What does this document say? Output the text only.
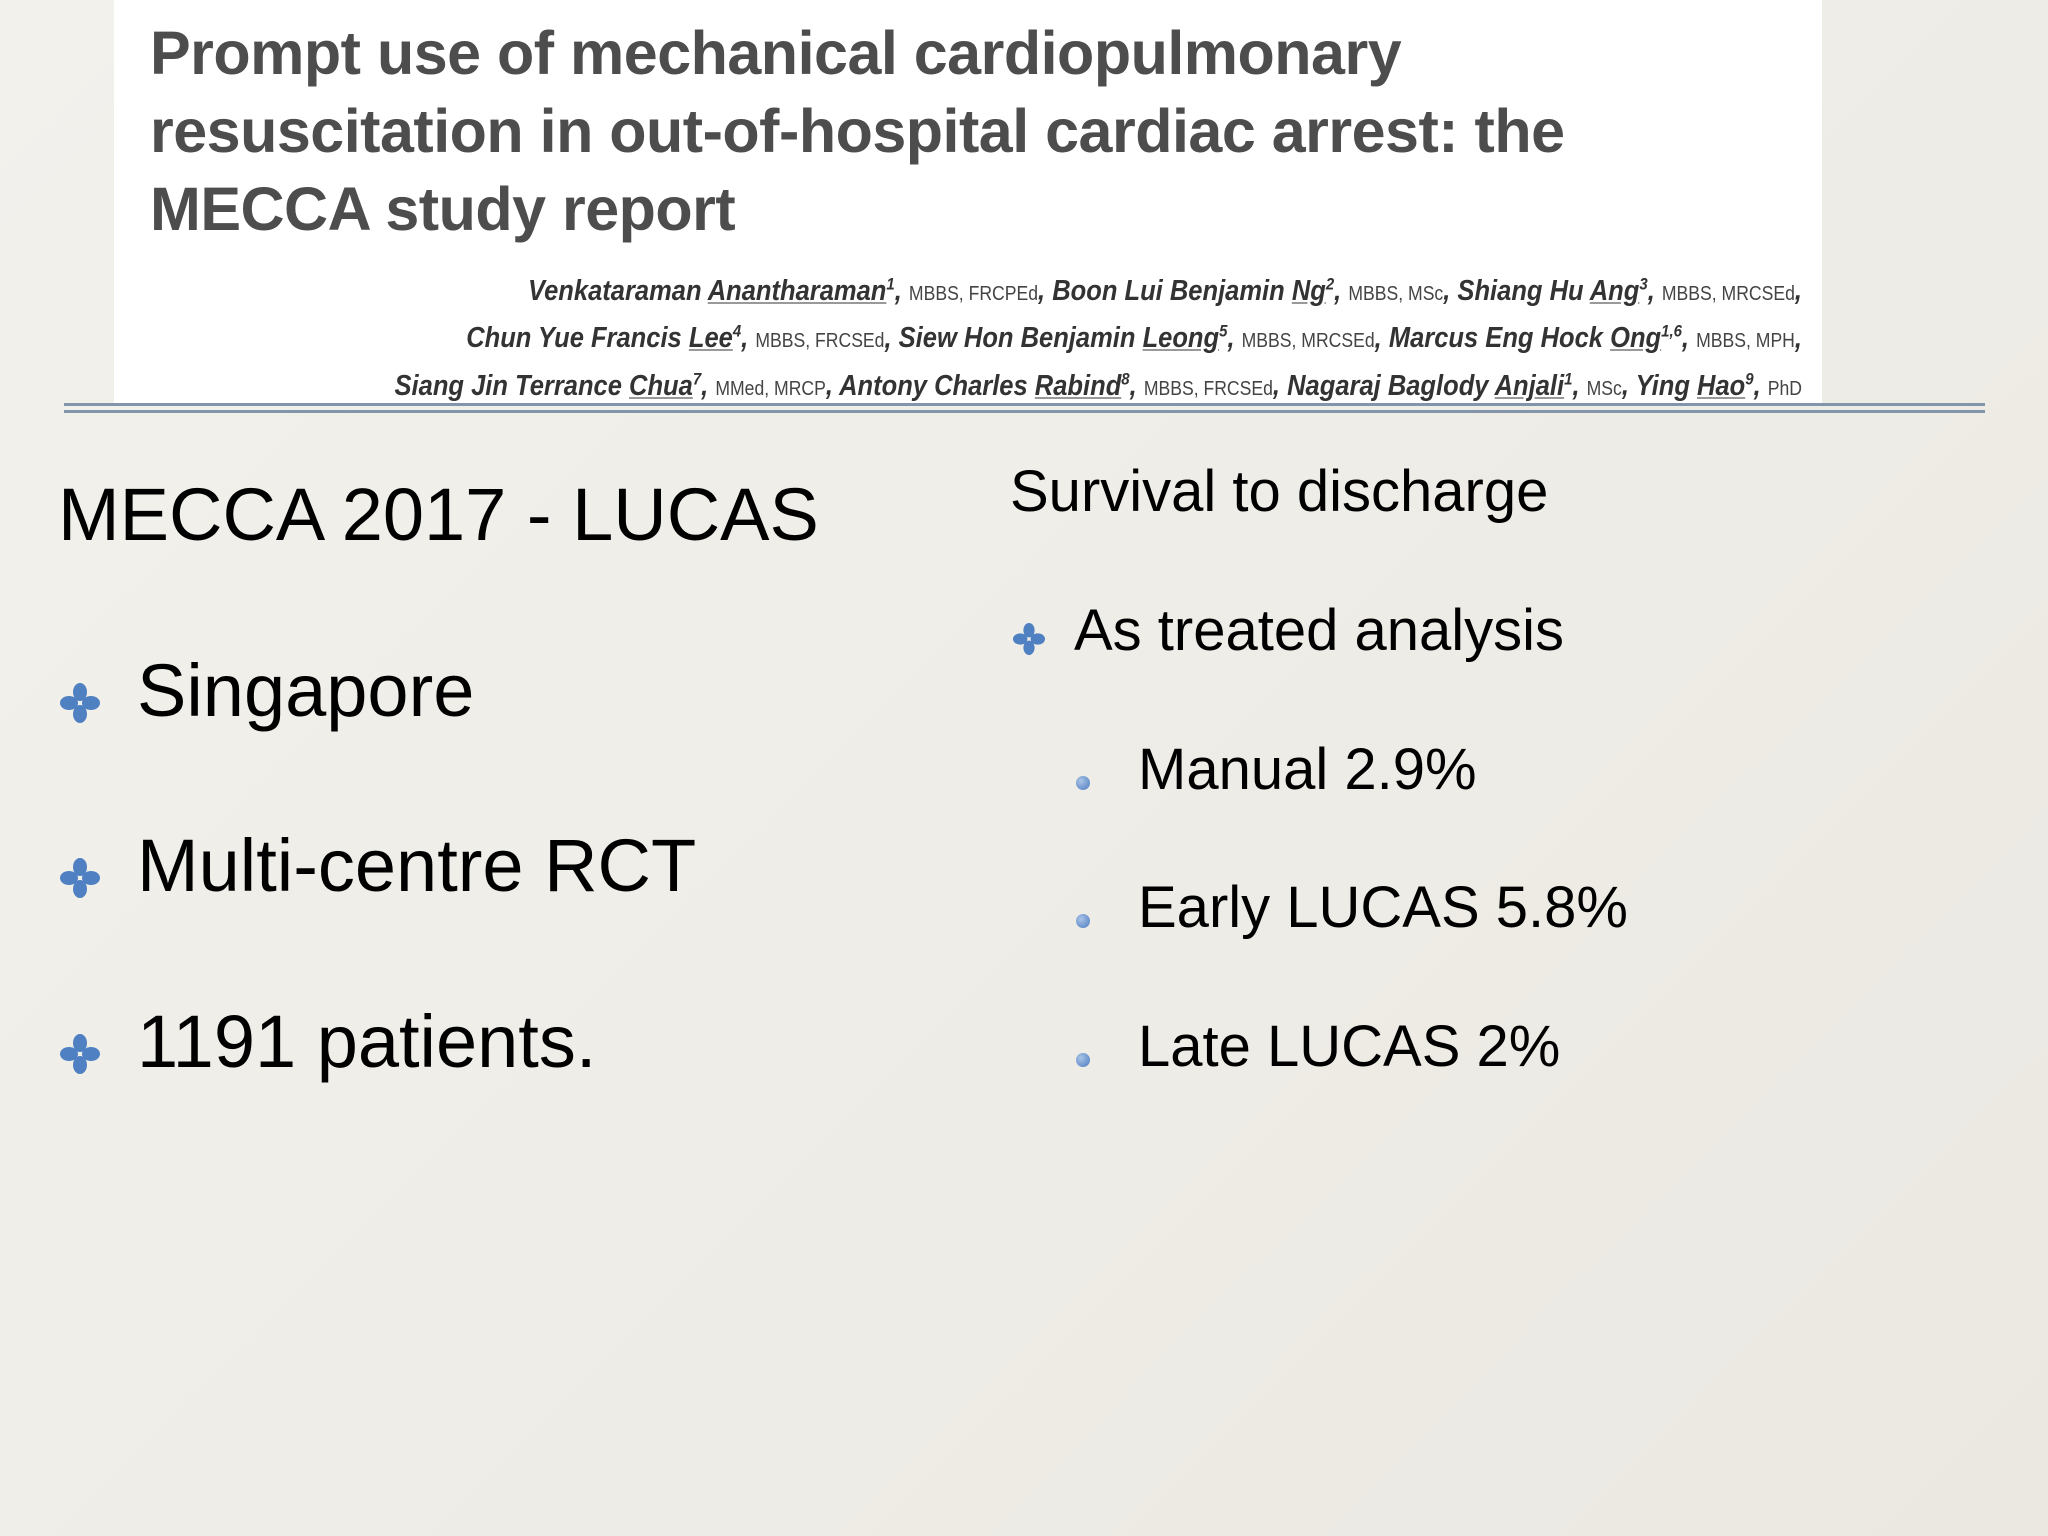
Prompt use of mechanical cardiopulmonary
resuscitation in out-of-hospital cardiac arrest: the
MECCA study report
Venkataraman Anantharaman$^1$, MBBS, FRCPEd, Boon Lui Benjamin Ng$^2$, MBBS, MSc, Shiang Hu Ang$^3$, MBBS, MRCSEd,
Chun Yue Francis Lee$^4$, MBBS, FRCSEd, Siew Hon Benjamin Leong$^5$, MBBS, MRCSEd, Marcus Eng Hock Ong$^{1,6}$, MBBS, MPH,
Siang Jin Terrance Chua$^7$, MMed, MRCP, Antony Charles Rabind$^8$, MBBS, FRCSEd, Nagaraj Baglody Anjali$^1$, MSc, Ying Hao$^9$, PhD
MECCA 2017 - LUCAS
Singapore
Multi-centre RCT
1191 patients.
Survival to discharge
As treated analysis
Manual 2.9%
Early LUCAS 5.8%
Late LUCAS 2%
